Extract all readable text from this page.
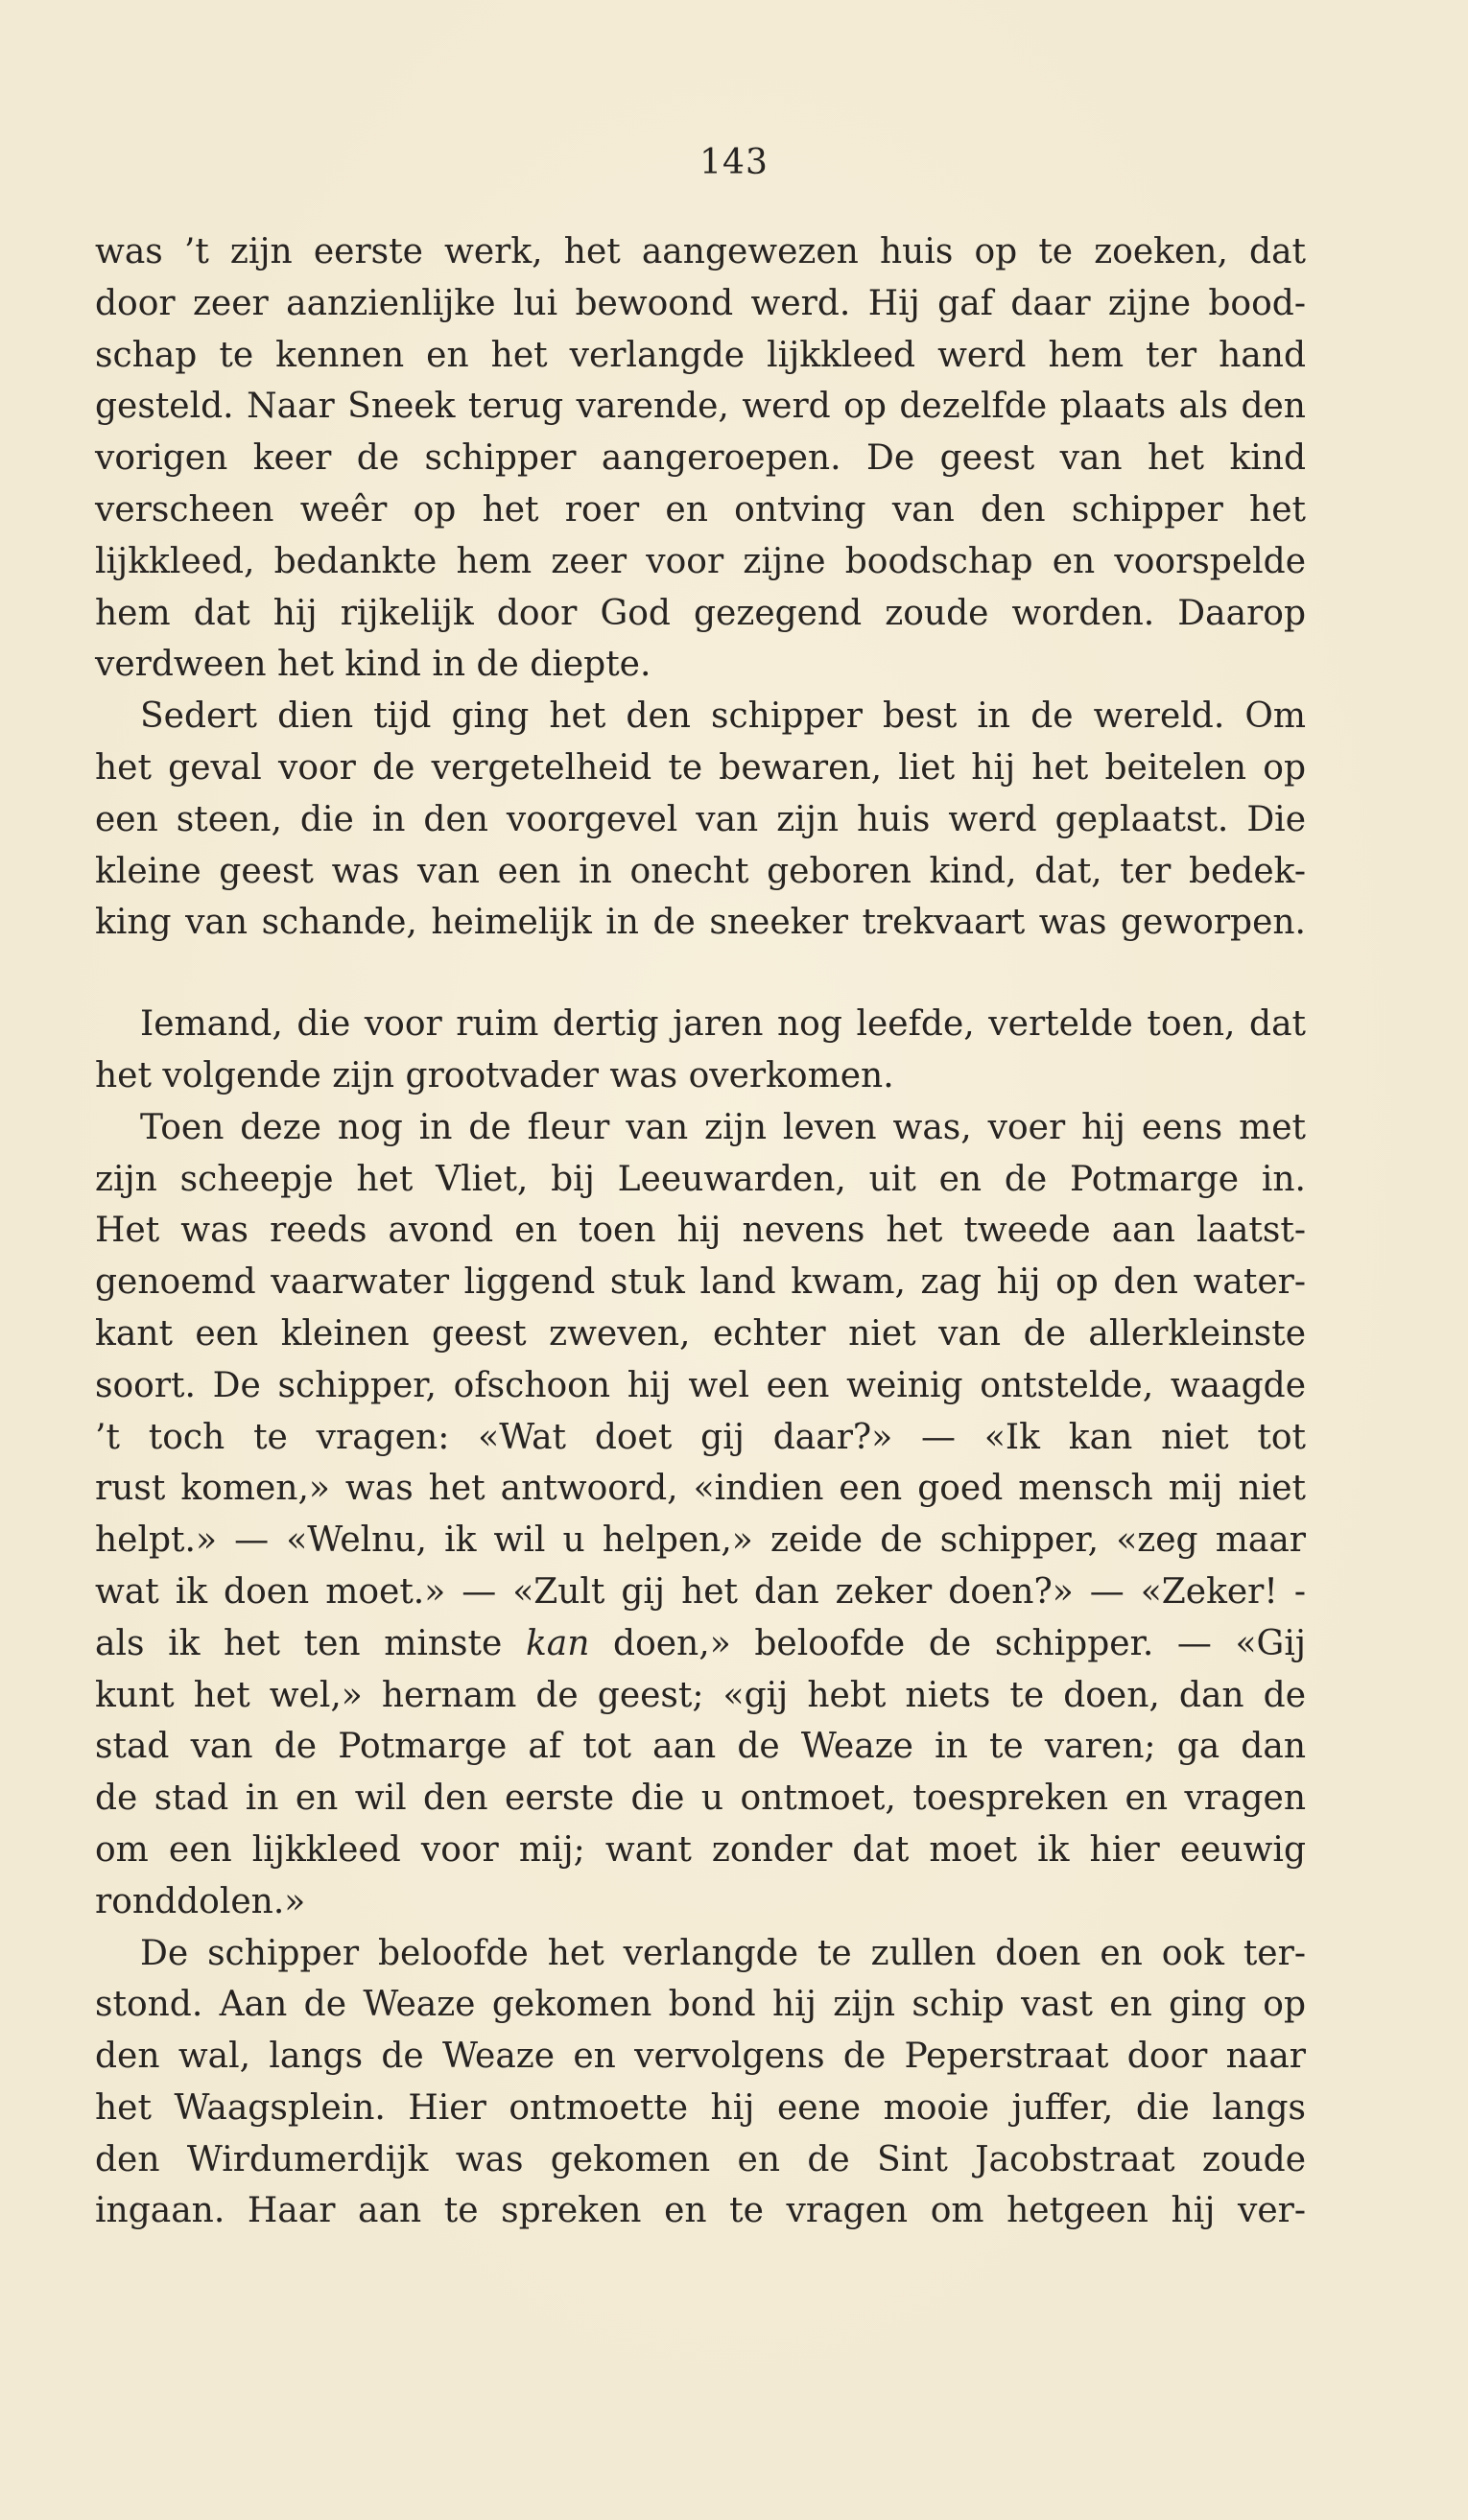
143
was ’t zijn eerste werk, het aangewezen huis op te zoeken, dat
door zeer aanzienlijke lui bewoond werd. Hij gaf daar zijne bood-
schap te kennen en het verlangde lijkkleed werd hem ter hand
gesteld. Naar Sneek terug varende, werd op dezelfde plaats als den
vorigen keer de schipper aangeroepen. De geest van het kind
verscheen weêr op het roer en ontving van den schipper het
lijkkleed, bedankte hem zeer voor zijne boodschap en voorspelde
hem dat hij rijkelijk door God gezegend zoude worden. Daarop
verdween het kind in de diepte.
Sedert dien tijd ging het den schipper best in de wereld. Om
het geval voor de vergetelheid te bewaren, liet hij het beitelen op
een steen, die in den voorgevel van zijn huis werd geplaatst. Die
kleine geest was van een in onecht geboren kind, dat, ter bedek-
king van schande, heimelijk in de sneeker trekvaart was geworpen.
Iemand, die voor ruim dertig jaren nog leefde, vertelde toen, dat
het volgende zijn grootvader was overkomen.
Toen deze nog in de fleur van zijn leven was, voer hij eens met
zijn scheepje het Vliet, bij Leeuwarden, uit en de Potmarge in.
Het was reeds avond en toen hij nevens het tweede aan laatst-
genoemd vaarwater liggend stuk land kwam, zag hij op den water-
kant een kleinen geest zweven, echter niet van de allerkleinste
soort. De schipper, ofschoon hij wel een weinig ontstelde, waagde
’t toch te vragen: «Wat doet gij daar?» — «Ik kan niet tot
rust komen,» was het antwoord, «indien een goed mensch mij niet
helpt.» — «Welnu, ik wil u helpen,» zeide de schipper, «zeg maar
wat ik doen moet.» — «Zult gij het dan zeker doen?» — «Zeker! -
als ik het ten minste kan doen,» beloofde de schipper. — «Gij
kunt het wel,» hernam de geest; «gij hebt niets te doen, dan de
stad van de Potmarge af tot aan de Weaze in te varen; ga dan
de stad in en wil den eerste die u ontmoet, toespreken en vragen
om een lijkkleed voor mij; want zonder dat moet ik hier eeuwig
ronddolen.»
De schipper beloofde het verlangde te zullen doen en ook ter-
stond. Aan de Weaze gekomen bond hij zijn schip vast en ging op
den wal, langs de Weaze en vervolgens de Peperstraat door naar
het Waagsplein. Hier ontmoette hij eene mooie juffer, die langs
den Wirdumerdijk was gekomen en de Sint Jacobstraat zoude
ingaan. Haar aan te spreken en te vragen om hetgeen hij ver-
